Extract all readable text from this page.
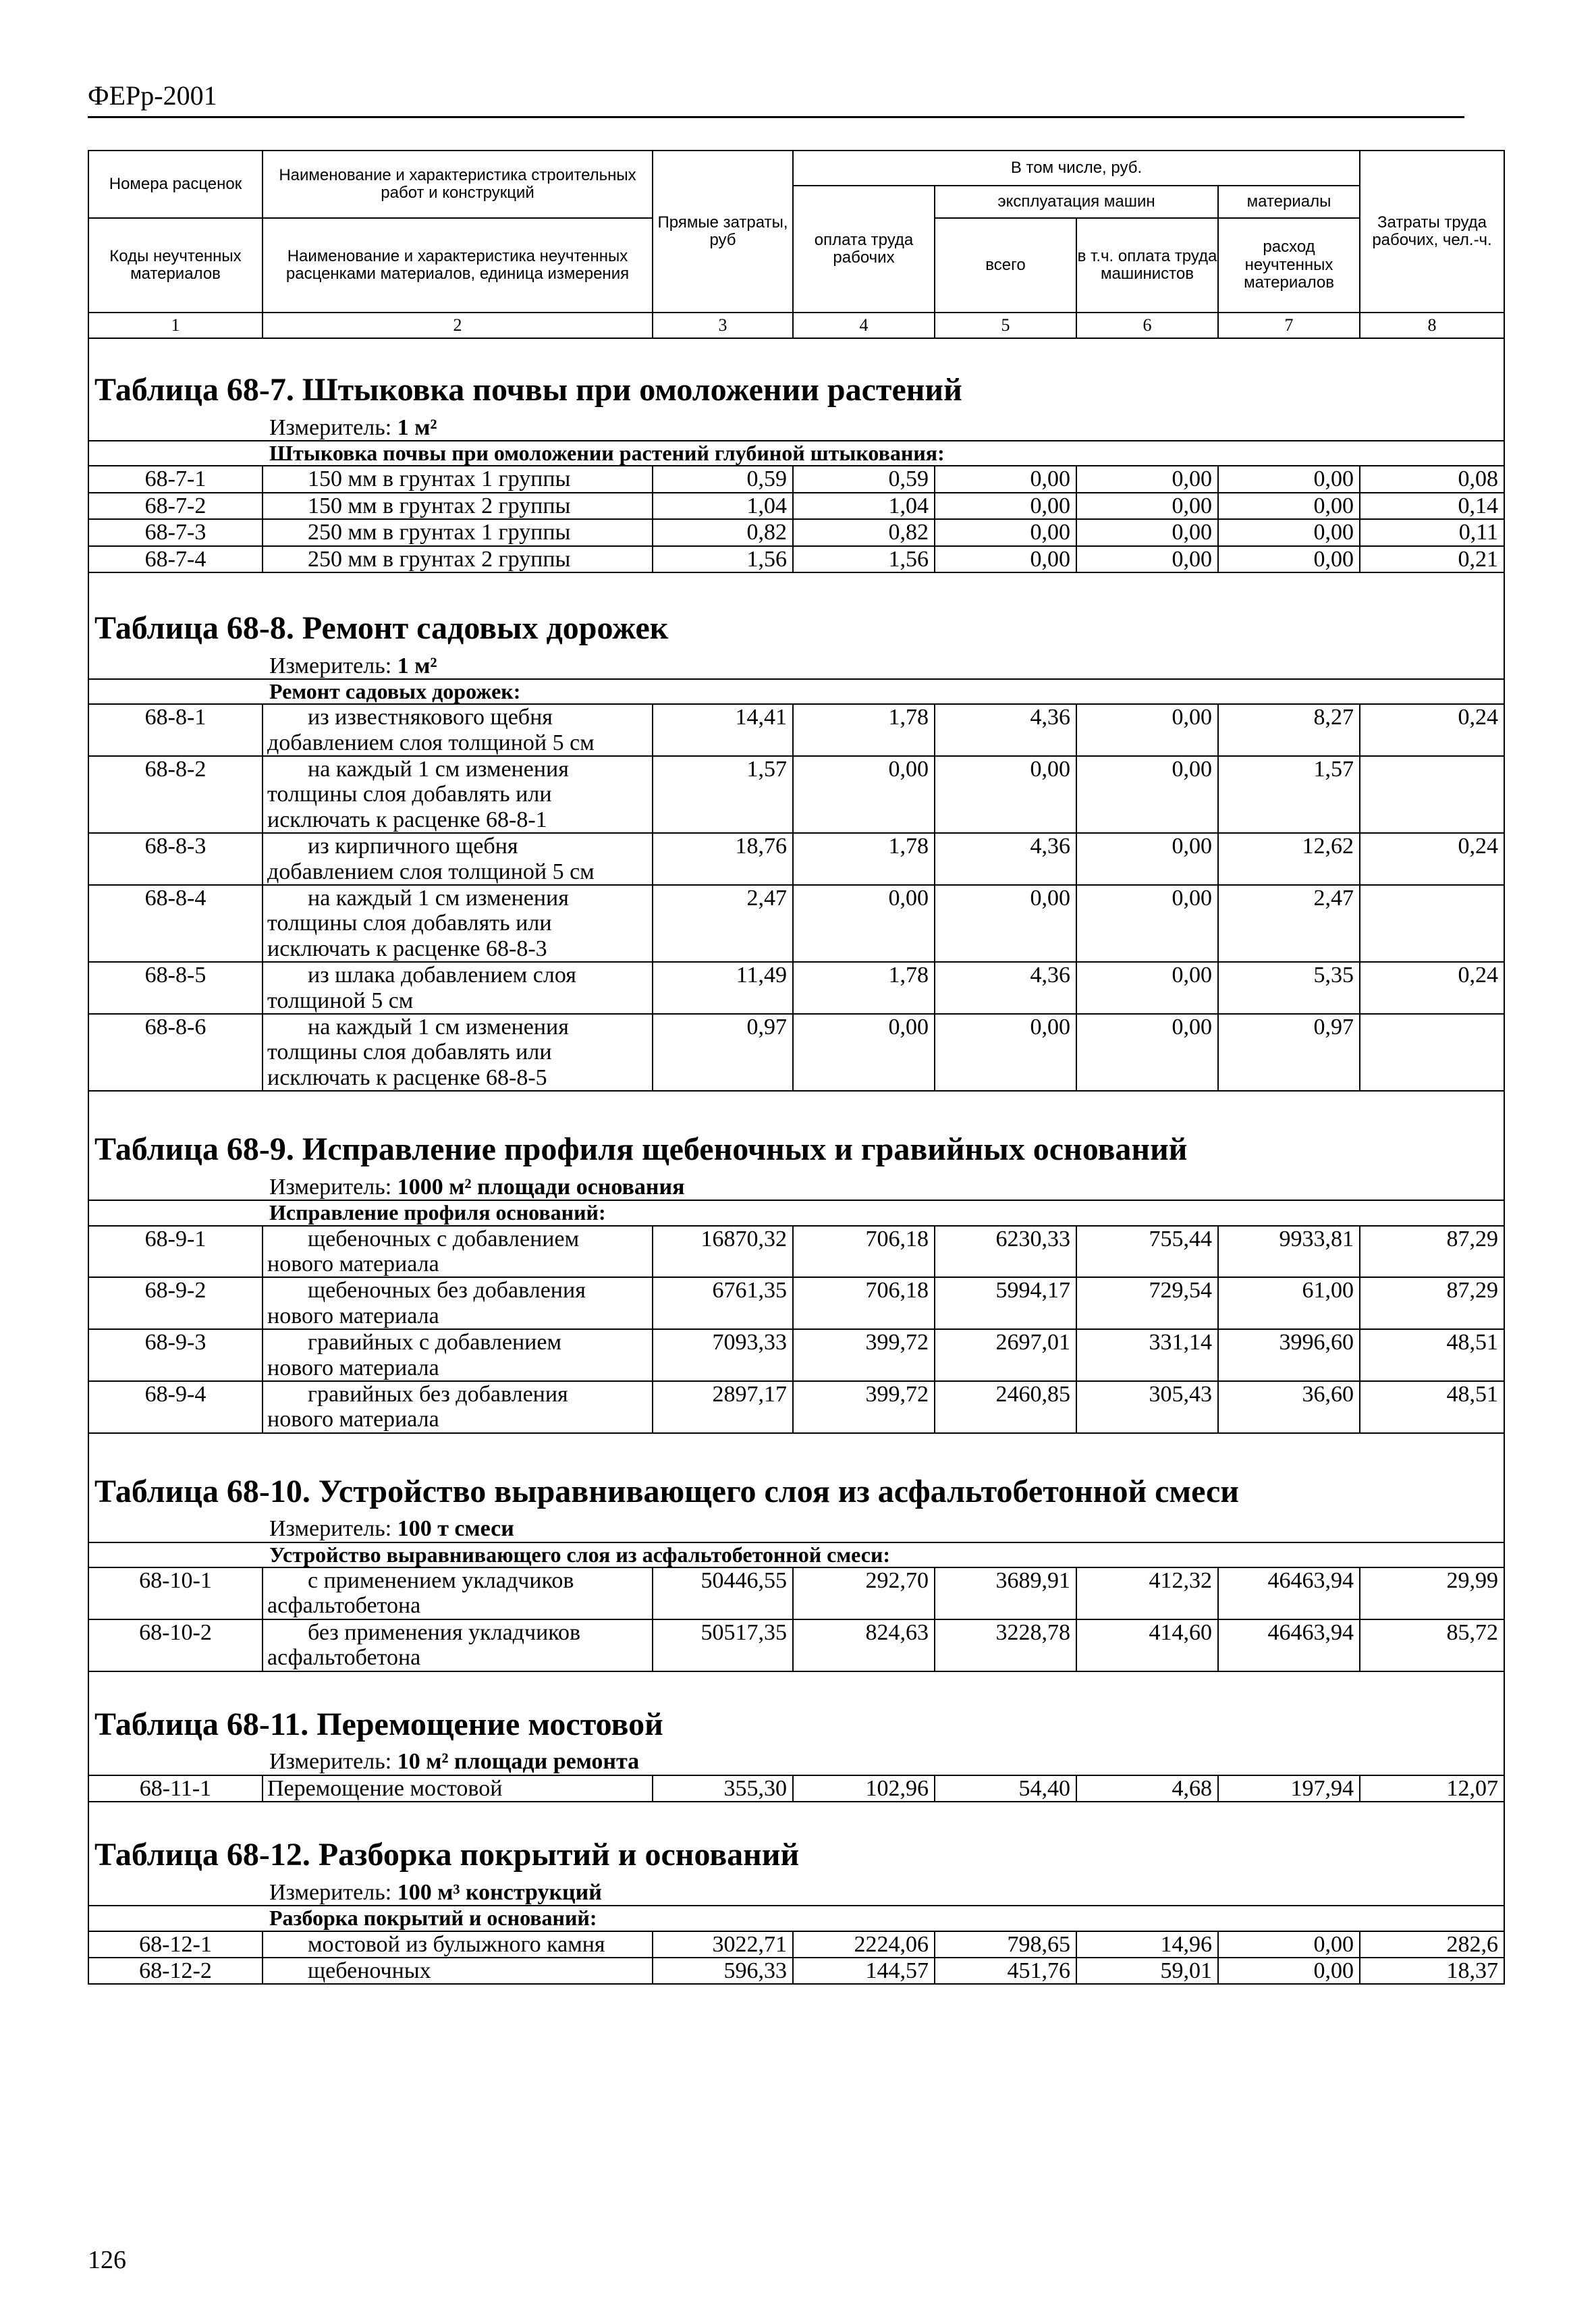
ФЕРр-2001
Номера расценок	Наименование и характеристика строительных работ и конструкций	Прямые затраты, руб	В том числе, руб.				Затраты труда рабочих, чел.-ч.
			оплата труда рабочих	эксплуатация машин		материалы	
Коды неучтенных материалов	Наименование и характеристика неучтенных расценками материалов, единица измерения			всего	в т.ч. оплата труда машинистов	расход неучтенных материалов	

1	2	3	4	5	6	7	8

Таблица 68-7. Штыковка почвы при омоложении растений							
Измеритель: 1 м²							
Штыковка почвы при омоложении растений глубиной штыкования:							
68-7-1	150 мм в грунтах 1 группы	0,59	0,59	0,00	0,00	0,00	0,08
68-7-2	150 мм в грунтах 2 группы	1,04	1,04	0,00	0,00	0,00	0,14
68-7-3	250 мм в грунтах 1 группы	0,82	0,82	0,00	0,00	0,00	0,11
68-7-4	250 мм в грунтах 2 группы	1,56	1,56	0,00	0,00	0,00	0,21

Таблица 68-8. Ремонт садовых дорожек							
Измеритель: 1 м²							
Ремонт садовых дорожек:							
68-8-1	из известнякового щебня
добавлением слоя толщиной 5 см	14,41	1,78	4,36	0,00	8,27	0,24
68-8-2	на каждый 1 см изменения
толщины слоя добавлять или
исключать к расценке 68-8-1	1,57	0,00	0,00	0,00	1,57	
68-8-3	из кирпичного щебня
добавлением слоя толщиной 5 см	18,76	1,78	4,36	0,00	12,62	0,24
68-8-4	на каждый 1 см изменения
толщины слоя добавлять или
исключать к расценке 68-8-3	2,47	0,00	0,00	0,00	2,47	
68-8-5	из шлака добавлением слоя
толщиной 5 см	11,49	1,78	4,36	0,00	5,35	0,24
68-8-6	на каждый 1 см изменения
толщины слоя добавлять или
исключать к расценке 68-8-5	0,97	0,00	0,00	0,00	0,97	

Таблица 68-9. Исправление профиля щебеночных и гравийных оснований							
Измеритель: 1000 м² площади основания							
Исправление профиля оснований:							
68-9-1	щебеночных с добавлением
нового материала	16870,32	706,18	6230,33	755,44	9933,81	87,29
68-9-2	щебеночных без добавления
нового материала	6761,35	706,18	5994,17	729,54	61,00	87,29
68-9-3	гравийных с добавлением
нового материала	7093,33	399,72	2697,01	331,14	3996,60	48,51
68-9-4	гравийных без добавления
нового материала	2897,17	399,72	2460,85	305,43	36,60	48,51

Таблица 68-10. Устройство выравнивающего слоя из асфальтобетонной смеси							
Измеритель: 100 т смеси							
Устройство выравнивающего слоя из асфальтобетонной смеси:							
68-10-1	с применением укладчиков
асфальтобетона	50446,55	292,70	3689,91	412,32	46463,94	29,99
68-10-2	без применения укладчиков
асфальтобетона	50517,35	824,63	3228,78	414,60	46463,94	85,72

Таблица 68-11. Перемощение мостовой							
Измеритель: 10 м² площади ремонта							
68-11-1	Перемощение мостовой	355,30	102,96	54,40	4,68	197,94	12,07

Таблица 68-12. Разборка покрытий и оснований							
Измеритель: 100 м³ конструкций							
Разборка покрытий и оснований:							
68-12-1	мостовой из булыжного камня	3022,71	2224,06	798,65	14,96	0,00	282,6
68-12-2	щебеночных	596,33	144,57	451,76	59,01	0,00	18,37

126
